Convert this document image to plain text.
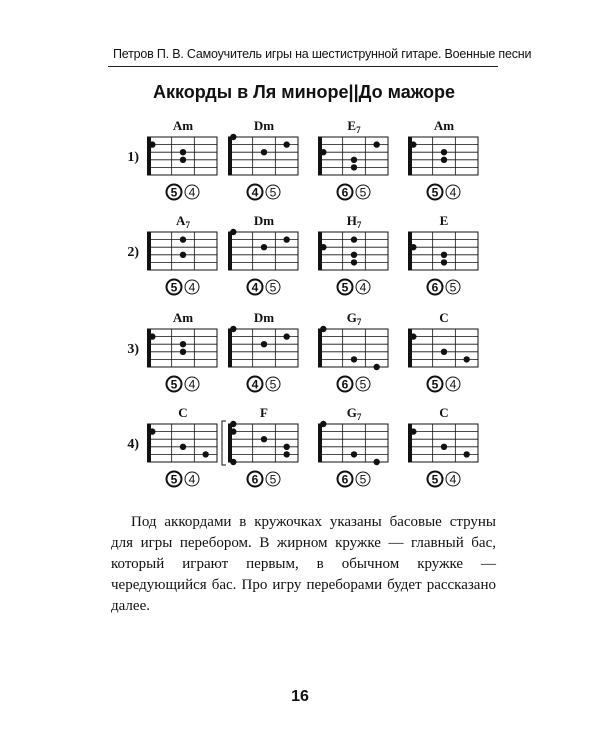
Петров П. В. Самоучитель игры на шестиструнной гитаре. Военные песни
Аккорды в Ля миноре||До мажоре
1)
Am
5 4
Dm
4 5
$E_7$
6 5
Am
5 4
2)
$A_7$
5 4
Dm
4 5
$H_7$
5 4
E
6 5
3)
Am
5 4
Dm
4 5
$G_7$
6 5
C
5 4
4)
C
5 4
F
6 5
$G_7$
6 5
C
5 4

Под аккордами в кружочках указаны басовые струны для игры перебором. В жирном кружке — главный бас, который играют первым, в обычном кружке — чередующийся бас. Про игру переборами будет рассказано далее.

16
